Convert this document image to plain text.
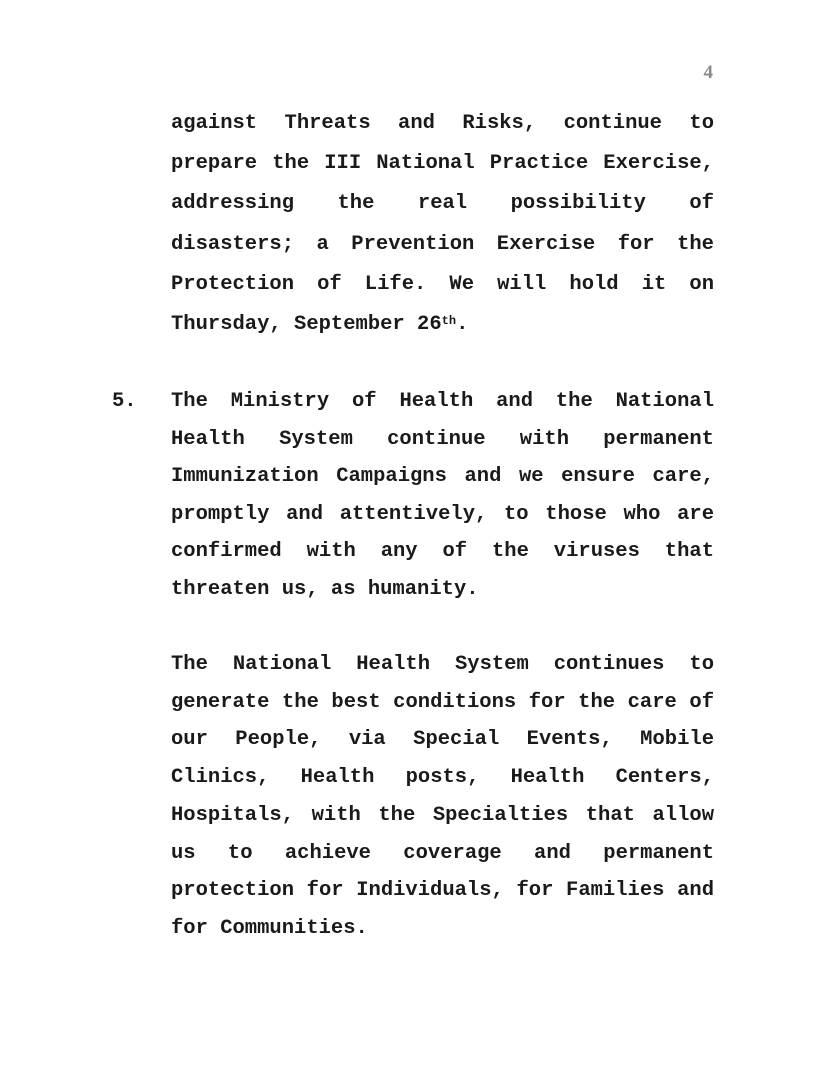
4

against Threats and Risks, continue to prepare the III National Practice Exercise, addressing the real possibility of disasters; a Prevention Exercise for the Protection of Life. We will hold it on Thursday, September 26th.

5. The Ministry of Health and the National Health System continue with permanent Immunization Campaigns and we ensure care, promptly and attentively, to those who are confirmed with any of the viruses that threaten us, as humanity.

The National Health System continues to generate the best conditions for the care of our People, via Special Events, Mobile Clinics, Health posts, Health Centers, Hospitals, with the Specialties that allow us to achieve coverage and permanent protection for Individuals, for Families and for Communities.
